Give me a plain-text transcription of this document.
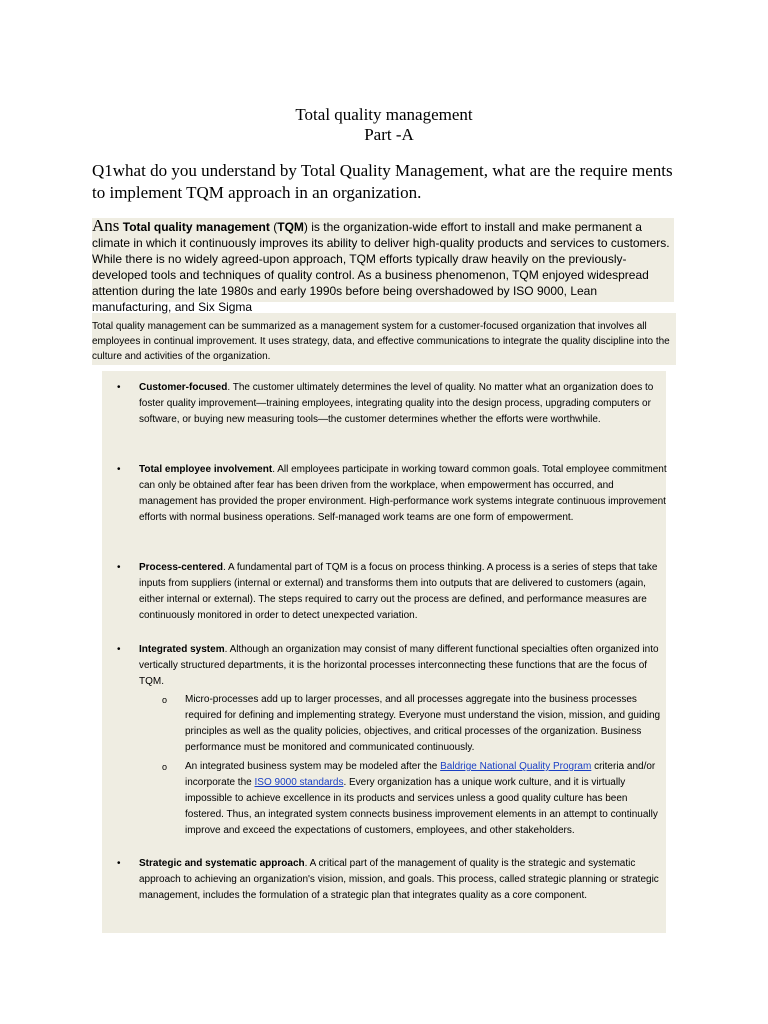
Total quality management
Part -A
Q1what do you understand by Total Quality Management, what are the require ments to implement TQM approach in an organization.
Ans Total quality management (TQM) is the organization-wide effort to install and make permanent a climate in which it continuously improves its ability to deliver high-quality products and services to customers. While there is no widely agreed-upon approach, TQM efforts typically draw heavily on the previously-developed tools and techniques of quality control. As a business phenomenon, TQM enjoyed widespread attention during the late 1980s and early 1990s before being overshadowed by ISO 9000, Lean manufacturing, and Six Sigma
Total quality management can be summarized as a management system for a customer-focused organization that involves all employees in continual improvement. It uses strategy, data, and effective communications to integrate the quality discipline into the culture and activities of the organization.
• Customer-focused. The customer ultimately determines the level of quality. No matter what an organization does to foster quality improvement—training employees, integrating quality into the design process, upgrading computers or software, or buying new measuring tools—the customer determines whether the efforts were worthwhile.
• Total employee involvement. All employees participate in working toward common goals. Total employee commitment can only be obtained after fear has been driven from the workplace, when empowerment has occurred, and management has provided the proper environment. High-performance work systems integrate continuous improvement efforts with normal business operations. Self-managed work teams are one form of empowerment.
• Process-centered. A fundamental part of TQM is a focus on process thinking. A process is a series of steps that take inputs from suppliers (internal or external) and transforms them into outputs that are delivered to customers (again, either internal or external). The steps required to carry out the process are defined, and performance measures are continuously monitored in order to detect unexpected variation.
• Integrated system. Although an organization may consist of many different functional specialties often organized into vertically structured departments, it is the horizontal processes interconnecting these functions that are the focus of TQM.
o Micro-processes add up to larger processes, and all processes aggregate into the business processes required for defining and implementing strategy. Everyone must understand the vision, mission, and guiding principles as well as the quality policies, objectives, and critical processes of the organization. Business performance must be monitored and communicated continuously.
o An integrated business system may be modeled after the Baldrige National Quality Program criteria and/or incorporate the ISO 9000 standards. Every organization has a unique work culture, and it is virtually impossible to achieve excellence in its products and services unless a good quality culture has been fostered. Thus, an integrated system connects business improvement elements in an attempt to continually improve and exceed the expectations of customers, employees, and other stakeholders.
• Strategic and systematic approach. A critical part of the management of quality is the strategic and systematic approach to achieving an organization's vision, mission, and goals. This process, called strategic planning or strategic management, includes the formulation of a strategic plan that integrates quality as a core component.
